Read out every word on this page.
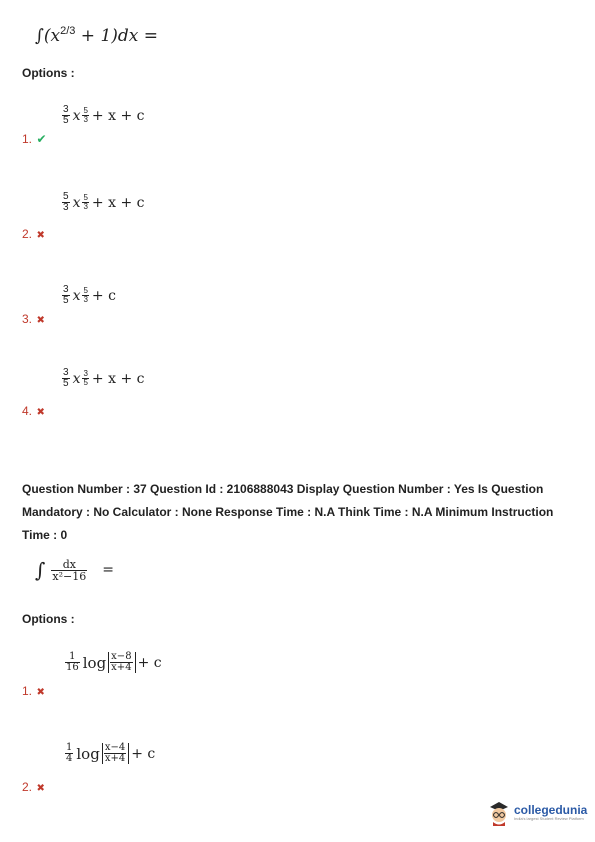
∫(x2/3 + 1)dx =
Options :
$\frac{3}{5}$ x $\frac{5}{3} + x + c$
1. ✔
$\frac{5}{3}$ x $\frac{5}{3} + x + c$
2. ✖
$\frac{3}{5}$ x $\frac{5}{3} + c$
3. ✖
$\frac{3}{5}$ x $\frac{3}{5} + x + c$
4. ✖
Question Number : 37 Question Id : 2106888043 Display Question Number : Yes Is Question
Mandatory : No Calculator : None Response Time : N.A Think Time : N.A Minimum Instruction
Time : 0
∫ $\frac{dx}{\text{x²−16}}$ =
Options :
$\frac{1}{16}$ $\log \frac{x-8}{x+4} + c$
1. ✖
$\frac{1}{4}$ $\log \frac{x-4}{x+4} + c$
2. ✖
collegedunia
India's largest Student Review Platform
